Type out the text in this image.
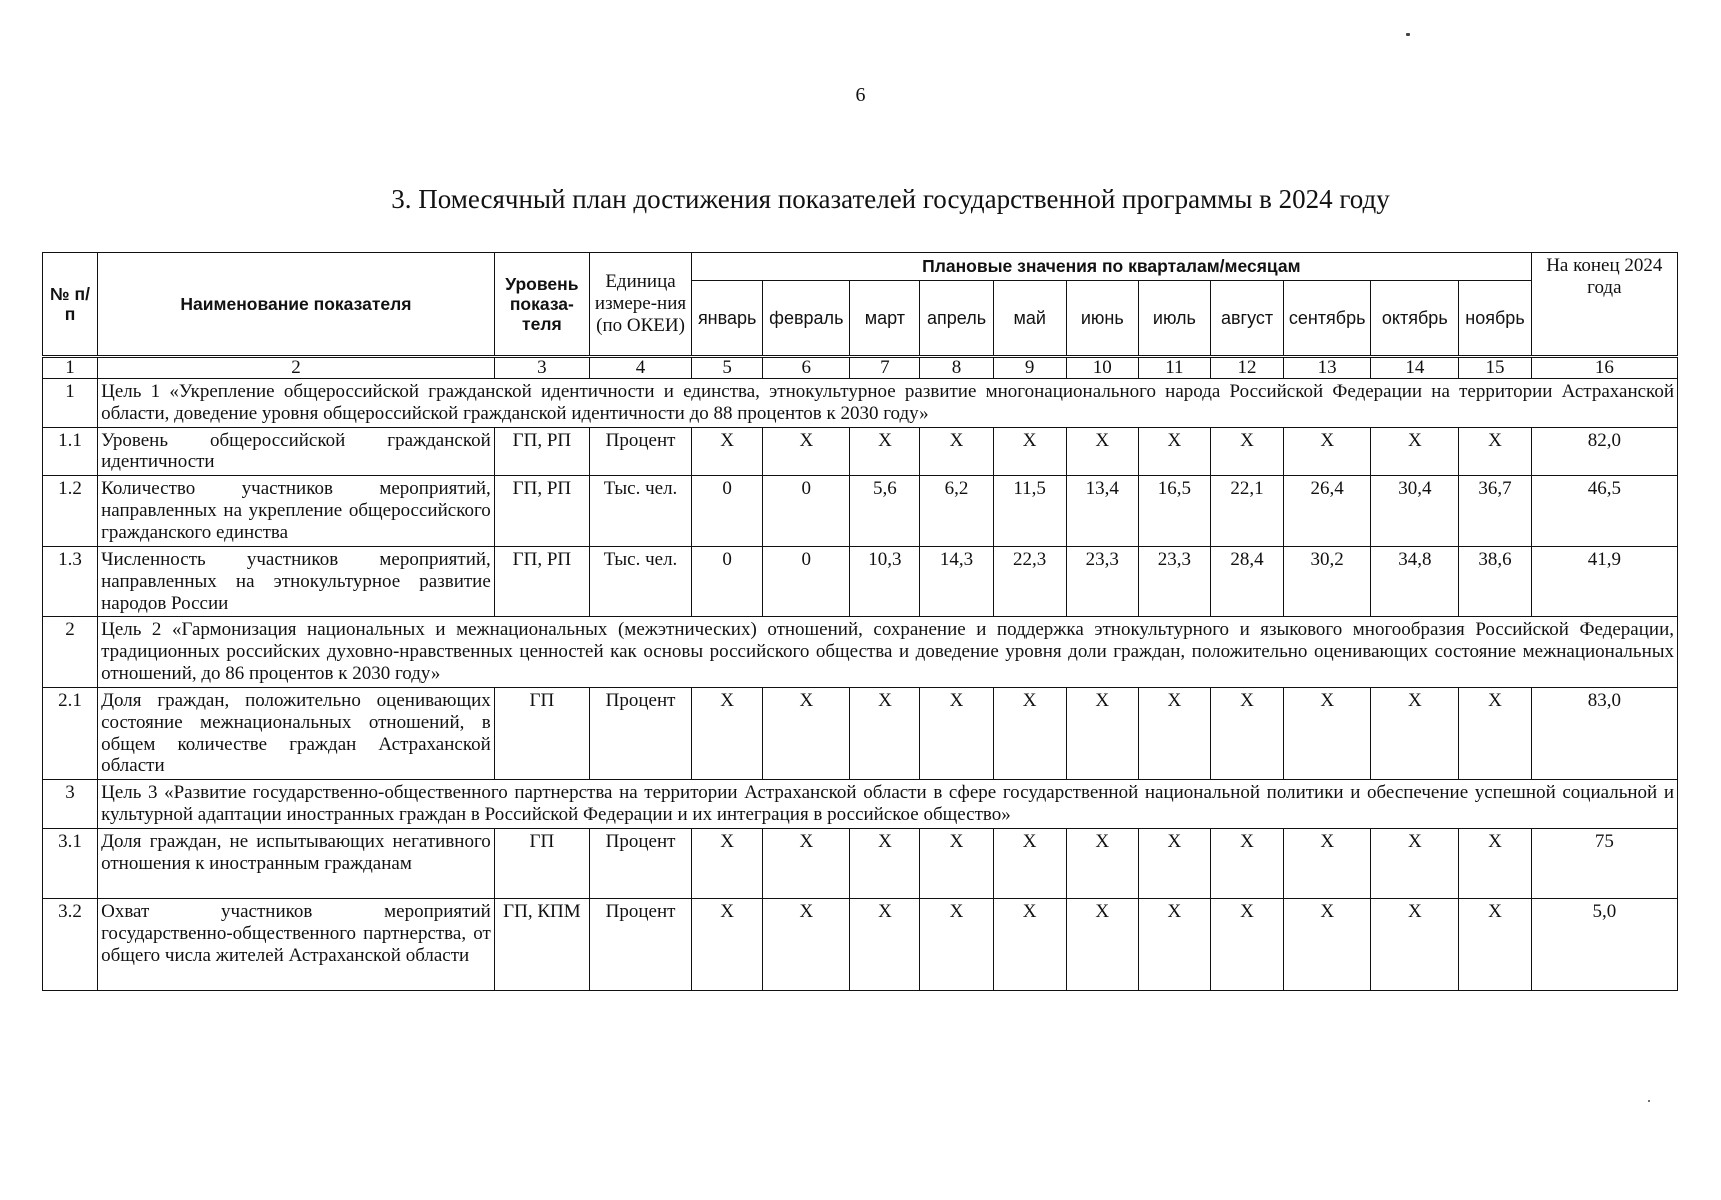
6
3. Помесячный план достижения показателей государственной программы в 2024 году
№ п/п	Наименование показателя	Уровень показа-теля	Единица измере-ния (по ОКЕИ)	Плановые значения по кварталам/месяцам											На конец 2024 года
				январь	февраль	март	апрель	май	июнь	июль	август	сентябрь	октябрь	ноябрь	
1	2	3	4	5	6	7	8	9	10	11	12	13	14	15	16
1	Цель 1 «Укрепление общероссийской гражданской идентичности и единства, этнокультурное развитие многонационального народа Российской Федерации на территории Астраханской области, доведение уровня общероссийской гражданской идентичности до 88 процентов к 2030 году»														
1.1	Уровень общероссийской гражданской идентичности	ГП, РП	Процент	Х	Х	Х	Х	Х	Х	Х	Х	Х	Х	Х	82,0
1.2	Количество участников мероприятий, направленных на укрепление общероссийского гражданского единства	ГП, РП	Тыс. чел.	0	0	5,6	6,2	11,5	13,4	16,5	22,1	26,4	30,4	36,7	46,5
1.3	Численность участников мероприятий, направленных на этнокультурное развитие народов России	ГП, РП	Тыс. чел.	0	0	10,3	14,3	22,3	23,3	23,3	28,4	30,2	34,8	38,6	41,9
2	Цель 2 «Гармонизация национальных и межнациональных (межэтнических) отношений, сохранение и поддержка этнокультурного и языкового многообразия Российской Федерации, традиционных российских духовно-нравственных ценностей как основы российского общества и доведение уровня доли граждан, положительно оценивающих состояние межнациональных отношений, до 86 процентов к 2030 году»														
2.1	Доля граждан, положительно оценивающих состояние межнациональных отношений, в общем количестве граждан Астраханской области	ГП	Процент	Х	Х	Х	Х	Х	Х	Х	Х	Х	Х	Х	83,0
3	Цель 3 «Развитие государственно-общественного партнерства на территории Астраханской области в сфере государственной национальной политики и обеспечение успешной социальной и культурной адаптации иностранных граждан в Российской Федерации и их интеграция в российское общество»														
3.1	Доля граждан, не испытывающих негативного отношения к иностранным гражданам	ГП	Процент	Х	Х	Х	Х	Х	Х	Х	Х	Х	Х	Х	75
3.2	Охват участников мероприятий государственно-общественного партнерства, от общего числа жителей Астраханской области	ГП, КПМ	Процент	Х	Х	Х	Х	Х	Х	Х	Х	Х	Х	Х	5,0
